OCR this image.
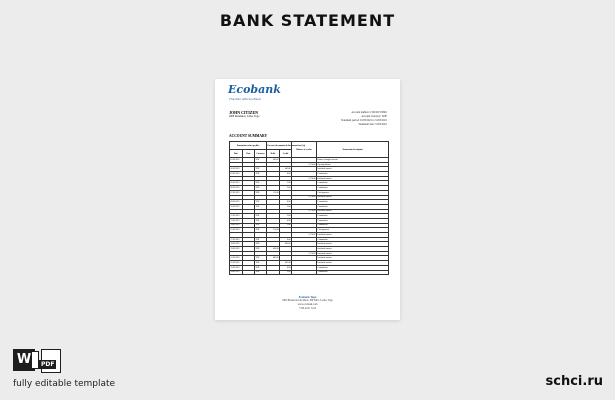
BANK STATEMENT
Ecobank
The Pan African Bank
JOHN CITIZEN
2000 Residence, Lome, Togo
Account number: 1500101574801
Account Currency: XOF
Statement period: 01/03/2021 to 31/03/2021
Statement date: 31/03/2021
ACCOUNT SUMMARY
Transaction value specifics			Presents the amount of this transaction (Ag)		Balance at a value	Transaction description
Date	Date	Currency	Debit	Credit		
01.03.2021		XOF	485.00			Balance brought forward
					2,174.00	Opening balance
02.03.2021		XOF		485.00		Interbank transfer
03.03.2021		XOF		8.00		Commission
					2,174.00	Interbank transfer
05.03.2021		XOF		5.00		Commission
06.03.2021		XOF		2.00		Commission
07.03.2021		XOF	115.00			Card payment
					2,174.00	Interbank transfer
09.03.2021		XOF		8.00		Commission
10.03.2021		XOF		5.00		Commission
					2,174.00	Interbank transfer
12.03.2021		XOF		2.00		Commission
13.03.2021		XOF		4.00		Commission
14.03.2021		XOF		3.00		Commission
15.03.2021		XOF	115.00			Card payment
					2,174.00	Interbank transfer
17.03.2021		XOF		8.00		Commission
18.03.2021		XOF		485.00		Interbank transfer
19.03.2021		XOF	485.00			Interbank transfer
					2,174.00	Interbank transfer
21.03.2021		XOF	485.00			Interbank transfer
22.03.2021		XOF		485.00		Interbank transfer
23.03.2021		XOF		8.00		Commission
24.03.2021		XOF		5.00		Commission
Ecobank Togo
2365 Boulevard du Mono, BP 3261, Lome, Togo
www.ecobank.com
+228 2221 7214
W	PDF
fully editable template	schci.ru
